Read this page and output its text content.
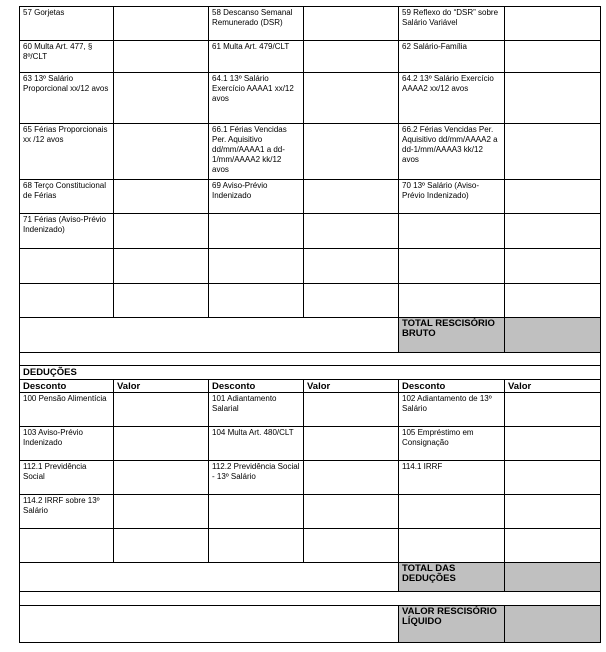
57 Gorjetas		58 Descanso Semanal Remunerado (DSR)		59 Reflexo do “DSR” sobre Salário Variável	
60 Multa Art. 477, § 8º/CLT		61 Multa Art. 479/CLT		62 Salário-Família	
63 13º Salário Proporcional xx/12 avos		64.1 13º Salário Exercício AAAA1 xx/12 avos		64.2 13º Salário Exercício AAAA2 xx/12 avos	
65 Férias Proporcionais xx /12 avos		66.1 Férias Vencidas Per. Aquisitivo dd/mm/AAAA1 a dd-1/mm/AAAA2 kk/12 avos		66.2 Férias Vencidas Per. Aquisitivo dd/mm/AAAA2 a dd-1/mm/AAAA3 kk/12 avos	
68 Terço Constitucional de Férias		69 Aviso-Prévio Indenizado		70 13º Salário (Aviso-Prévio Indenizado)	
71 Férias (Aviso-Prévio Indenizado)					

				TOTAL RESCISÓRIO BRUTO	

DEDUÇÕES					
Desconto	Valor	Desconto	Valor	Desconto	Valor
100 Pensão Alimentícia		101 Adiantamento Salarial		102 Adiantamento de 13º Salário	
103 Aviso-Prévio Indenizado		104 Multa Art. 480/CLT		105 Empréstimo em Consignação	
112.1 Previdência Social		112.2 Previdência Social - 13º Salário		114.1 IRRF	
114.2 IRRF sobre 13º Salário					

				TOTAL DAS DEDUÇÕES	

				VALOR RESCISÓRIO LÍQUIDO	
